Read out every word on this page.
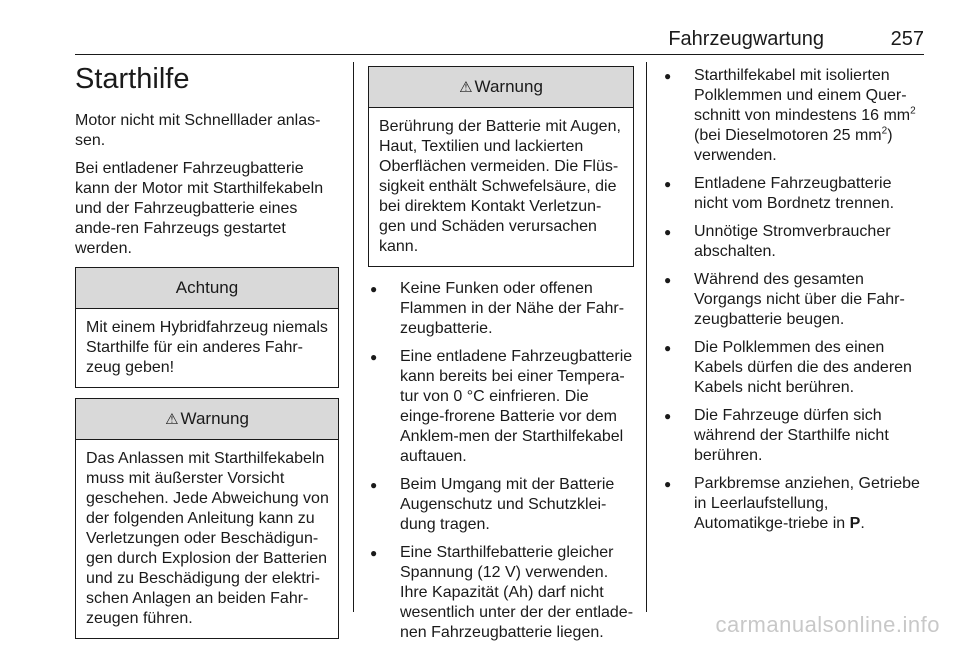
Fahrzeugwartung	257
Starthilfe

Motor nicht mit Schnelllader anlas-sen.

Bei entladener Fahrzeugbatterie kann der Motor mit Starthilfekabeln und der Fahrzeugbatterie eines ande-ren Fahrzeugs gestartet werden.

Achtung
Mit einem Hybridfahrzeug niemals Starthilfe für ein anderes Fahr-zeug geben!
⚠ Warnung
Das Anlassen mit Starthilfekabeln muss mit äußerster Vorsicht geschehen. Jede Abweichung von der folgenden Anleitung kann zu Verletzungen oder Beschädigun-gen durch Explosion der Batterien und zu Beschädigung der elektri-schen Anlagen an beiden Fahr-zeugen führen.
⚠ Warnung
Berührung der Batterie mit Augen, Haut, Textilien und lackierten Oberflächen vermeiden. Die Flüs-sigkeit enthält Schwefelsäure, die bei direktem Kontakt Verletzun-gen und Schäden verursachen kann.
● Keine Funken oder offenen Flammen in der Nähe der Fahr-zeugbatterie.
● Eine entladene Fahrzeugbatterie kann bereits bei einer Tempera-tur von 0 °C einfrieren. Die einge-frorene Batterie vor dem Anklem-men der Starthilfekabel auftauen.
● Beim Umgang mit der Batterie Augenschutz und Schutzklei-dung tragen.
● Eine Starthilfebatterie gleicher Spannung (12 V) verwenden. Ihre Kapazität (Ah) darf nicht wesentlich unter der der entlade-nen Fahrzeugbatterie liegen.
● Starthilfekabel mit isolierten Polklemmen und einem Quer-schnitt von mindestens 16 $mm^2$ (bei Dieselmotoren 25 $mm^2$) verwenden.
● Entladene Fahrzeugbatterie nicht vom Bordnetz trennen.
● Unnötige Stromverbraucher abschalten.
● Während des gesamten Vorgangs nicht über die Fahr-zeugbatterie beugen.
● Die Polklemmen des einen Kabels dürfen die des anderen Kabels nicht berühren.
● Die Fahrzeuge dürfen sich während der Starthilfe nicht berühren.
● Parkbremse anziehen, Getriebe in Leerlaufstellung, Automatikge-triebe in P.
carmanualsonline.info
